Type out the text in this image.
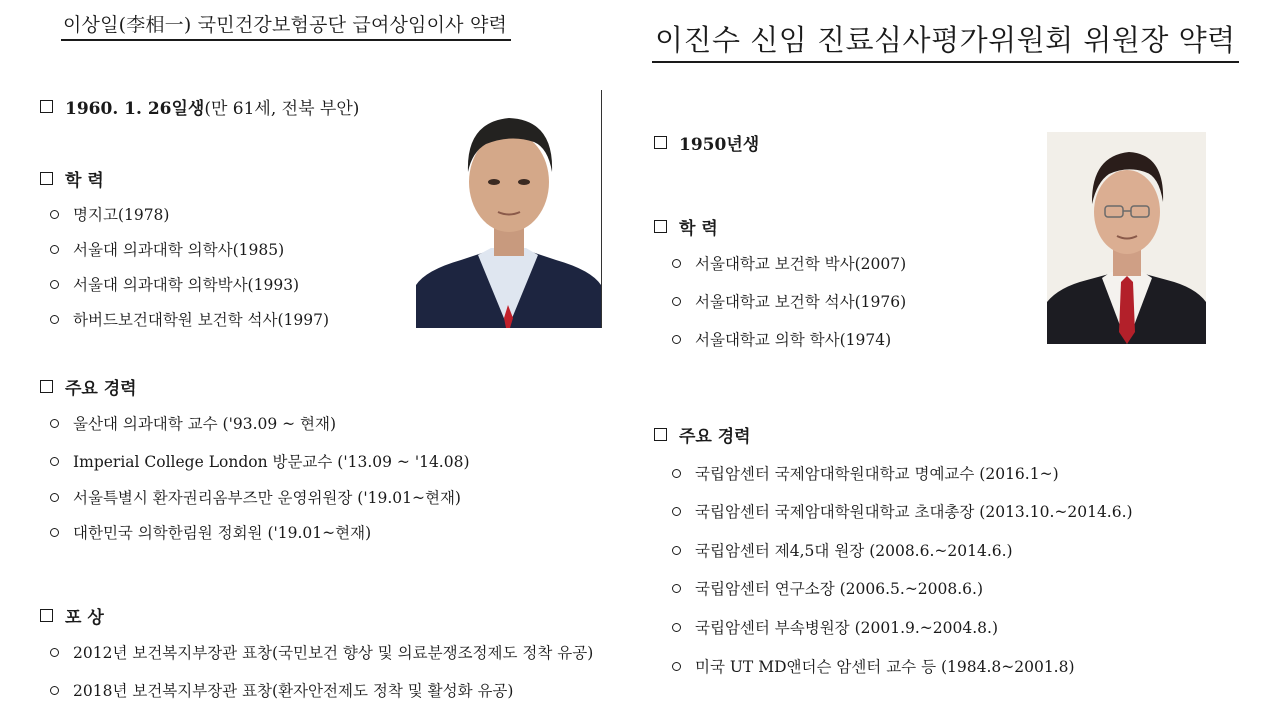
이상일(李相一) 국민건강보험공단 급여상임이사 약력
1960. 1. 26일생 (만 61세, 전북 부안)
학 력
명지고(1978)
서울대 의과대학 의학사(1985)
서울대 의과대학 의학박사(1993)
하버드보건대학원 보건학 석사(1997)
주요 경력
울산대 의과대학 교수 ('93.09 ~ 현재)
Imperial College London 방문교수 ('13.09 ~ '14.08)
서울특별시 환자권리옴부즈만 운영위원장 ('19.01~현재)
대한민국 의학한림원 정회원 ('19.01~현재)
포 상
2012년 보건복지부장관 표창(국민보건 향상 및 의료분쟁조정제도 정착 유공)
2018년 보건복지부장관 표창(환자안전제도 정착 및 활성화 유공)
이진수 신임 진료심사평가위원회 위원장 약력
1950년생
학 력
서울대학교 보건학 박사(2007)
서울대학교 보건학 석사(1976)
서울대학교 의학 학사(1974)
주요 경력
국립암센터 국제암대학원대학교 명예교수 (2016.1~)
국립암센터 국제암대학원대학교 초대총장 (2013.10.~2014.6.)
국립암센터 제4,5대 원장 (2008.6.~2014.6.)
국립암센터 연구소장 (2006.5.~2008.6.)
국립암센터 부속병원장 (2001.9.~2004.8.)
미국 UT MD앤더슨 암센터 교수 등 (1984.8~2001.8)
